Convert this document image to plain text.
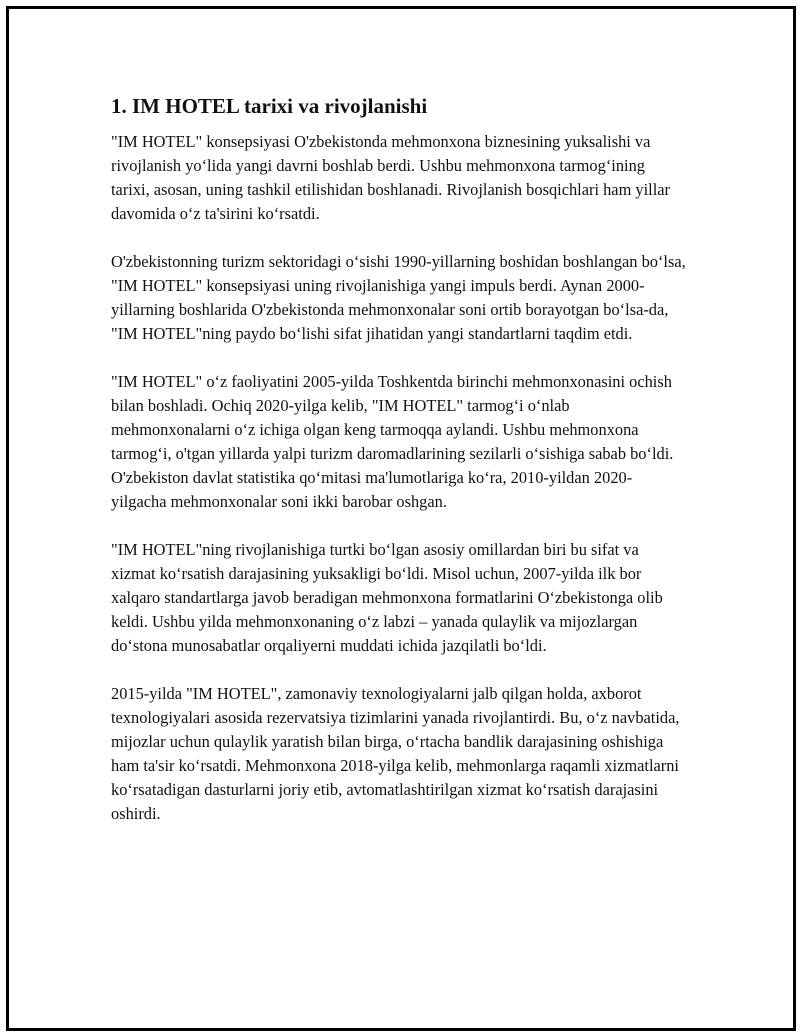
1. IM HOTEL tarixi va rivojlanishi

"IM HOTEL" konsepsiyasi O'zbekistonda mehmonxona biznesining yuksalishi va rivojlanish yo‘lida yangi davrni boshlab berdi. Ushbu mehmonxona tarmog‘ining tarixi, asosan, uning tashkil etilishidan boshlanadi. Rivojlanish bosqichlari ham yillar davomida o‘z ta'sirini ko‘rsatdi.

O'zbekistonning turizm sektoridagi o‘sishi 1990-yillarning boshidan boshlangan bo‘lsa, "IM HOTEL" konsepsiyasi uning rivojlanishiga yangi impuls berdi. Aynan 2000-yillarning boshlarida O'zbekistonda mehmonxonalar soni ortib borayotgan bo‘lsa-da, "IM HOTEL"ning paydo bo‘lishi sifat jihatidan yangi standartlarni taqdim etdi.

"IM HOTEL" o‘z faoliyatini 2005-yilda Toshkentda birinchi mehmonxonasini ochish bilan boshladi. Ochiq 2020-yilga kelib, "IM HOTEL" tarmog‘i o‘nlab mehmonxonalarni o‘z ichiga olgan keng tarmoqqa aylandi. Ushbu mehmonxona tarmog‘i, o'tgan yillarda yalpi turizm daromadlarining sezilarli o‘sishiga sabab bo‘ldi. O'zbekiston davlat statistika qo‘mitasi ma'lumotlariga ko‘ra, 2010-yildan 2020-yilgacha mehmonxonalar soni ikki barobar oshgan.

"IM HOTEL"ning rivojlanishiga turtki bo‘lgan asosiy omillardan biri bu sifat va xizmat ko‘rsatish darajasining yuksakligi bo‘ldi. Misol uchun, 2007-yilda ilk bor xalqaro standartlarga javob beradigan mehmonxona formatlarini O‘zbekistonga olib keldi. Ushbu yilda mehmonxonaning o‘z labzi – yanada qulaylik va mijozlargan do‘stona munosabatlar orqaliyerni muddati ichida jazqilatli bo‘ldi.

2015-yilda "IM HOTEL", zamonaviy texnologiyalarni jalb qilgan holda, axborot texnologiyalari asosida rezervatsiya tizimlarini yanada rivojlantirdi. Bu, o‘z navbatida, mijozlar uchun qulaylik yaratish bilan birga, o‘rtacha bandlik darajasining oshishiga ham ta'sir ko‘rsatdi. Mehmonxona 2018-yilga kelib, mehmonlarga raqamli xizmatlarni ko‘rsatadigan dasturlarni joriy etib, avtomatlashtirilgan xizmat ko‘rsatish darajasini oshirdi.
